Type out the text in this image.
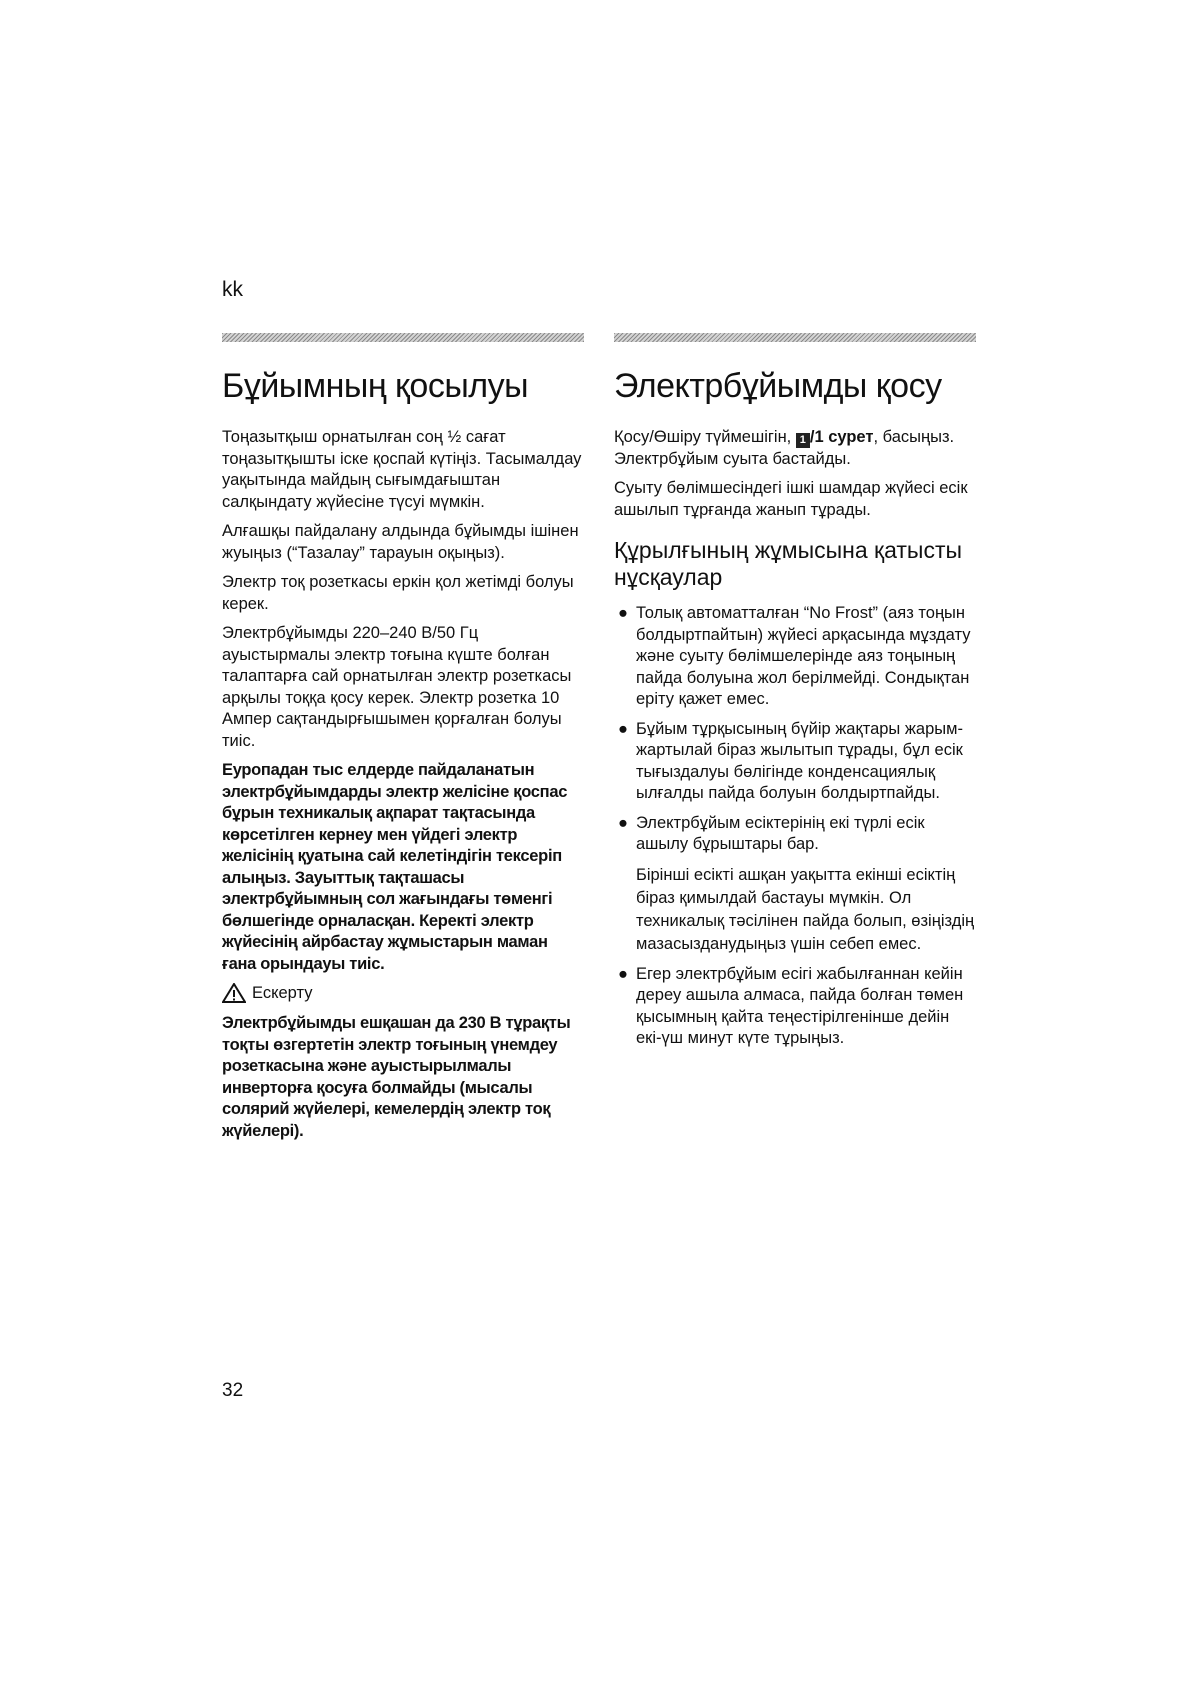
kk
Бұйымның қосылуы

Тоңазытқыш орнатылған соң ½ сағат тоңазытқышты іске қоспай күтіңіз. Тасымалдау уақытында майдың сығымдағыштан салқындату жүйесіне түсуі мүмкін.

Алғашқы пайдалану алдында бұйымды ішінен жуыңыз (“Тазалау” тарауын оқыңыз).

Электр тоқ розеткасы еркін қол жетімді болуы керек.

Электрбұйымды 220–240 В/50 Гц ауыстырмалы электр тоғына күште болған талаптарға сай орнатылған электр розеткасы арқылы тоққа қосу керек. Электр розетка 10 Ампер сақтандырғышымен қорғалған болуы тиіс.

Еуропадан тыс елдерде пайдаланатын электрбұйымдарды электр желісіне қоспас бұрын техникалық ақпарат тақтасында көрсетілген кернеу мен үйдегі электр желісінің қуатына сай келетіндігін тексеріп алыңыз. Зауыттық тақташасы электрбұйымның сол жағындағы төменгі бөлшегінде орналасқан. Керекті электр жүйесінің айрбастау жұмыстарын маман ғана орындауы тиіс.

Ескерту

Электрбұйымды ешқашан да 230 В тұрақты тоқты өзгертетін электр тоғының үнемдеу розеткасына және ауыстырылмалы инверторға қосуға болмайды (мысалы солярий жүйелері, кемелердің электр тоқ жүйелері).

Электрбұйымды қосу

Қосу/Өшіру түймешігін, 1 /1 сурет, басыңыз.
Электрбұйым суыта бастайды.

Суыту бөлімшесіндегі ішкі шамдар жүйесі есік ашылып тұрғанда жанып тұрады.

Құрылғының жұмысына қатысты нұсқаулар
● Толық автоматталған “No Frost” (аяз тоңын болдыртпайтын) жүйесі арқасында мұздату және суыту бөлімшелерінде аяз тоңының пайда болуына жол берілмейді. Сондықтан еріту қажет емес.
● Бұйым тұрқысының бүйір жақтары жарым-жартылай біраз жылытып тұрады, бұл есік тығыздалуы бөлігінде конденсациялық ылғалды пайда болуын болдыртпайды.
● Электрбұйым есіктерінің екі түрлі есік ашылу бұрыштары бар.
Бірінші есікті ашқан уақытта екінші есіктің біраз қимылдай бастауы мүмкін. Ол техникалық тәсілінен пайда болып, өзіңіздің мазасызданудыңыз үшін себеп емес.
● Егер электрбұйым есігі жабылғаннан кейін дереу ашыла алмаса, пайда болған төмен қысымның қайта теңестірілгенінше дейін екі-үш минут күте тұрыңыз.
32
